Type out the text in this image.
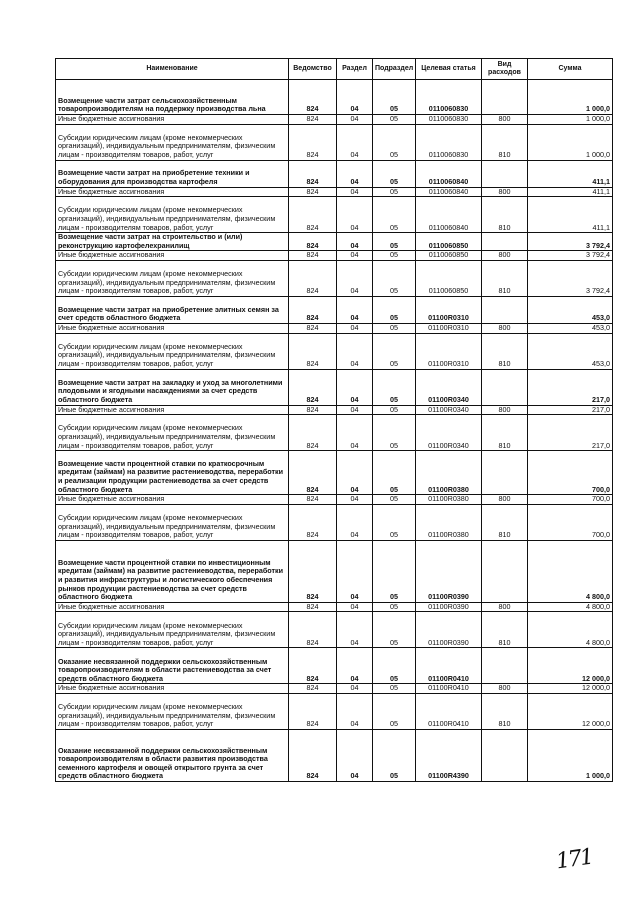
Наименование	Ведомство	Раздел	Подраздел	Целевая статья	Вид расходов	Сумма
Возмещение части затрат сельскохозяйственным товаропроизводителям на поддержку производства льна	824	04	05	0110060830		1 000,0
Иные бюджетные ассигнования	824	04	05	0110060830	800	1 000,0
Субсидии юридическим лицам (кроме некоммерческих организаций), индивидуальным предпринимателям, физическим лицам - производителям товаров, работ, услуг	824	04	05	0110060830	810	1 000,0
Возмещение части затрат на приобретение техники и оборудования для производства картофеля	824	04	05	0110060840		411,1
Иные бюджетные ассигнования	824	04	05	0110060840	800	411,1
Субсидии юридическим лицам (кроме некоммерческих организаций), индивидуальным предпринимателям, физическим лицам - производителям товаров, работ, услуг	824	04	05	0110060840	810	411,1
Возмещение части затрат на строительство и (или) реконструкцию картофелехранилищ	824	04	05	0110060850		3 792,4
Иные бюджетные ассигнования	824	04	05	0110060850	800	3 792,4
Субсидии юридическим лицам (кроме некоммерческих организаций), индивидуальным предпринимателям, физическим лицам - производителям товаров, работ, услуг	824	04	05	0110060850	810	3 792,4
Возмещение части затрат на приобретение элитных семян за счет средств областного бюджета	824	04	05	01100R0310		453,0
Иные бюджетные ассигнования	824	04	05	01100R0310	800	453,0
Субсидии юридическим лицам (кроме некоммерческих организаций), индивидуальным предпринимателям, физическим лицам - производителям товаров, работ, услуг	824	04	05	01100R0310	810	453,0
Возмещение части затрат на закладку и уход за многолетними плодовыми и ягодными насаждениями за счет средств областного бюджета	824	04	05	01100R0340		217,0
Иные бюджетные ассигнования	824	04	05	01100R0340	800	217,0
Субсидии юридическим лицам (кроме некоммерческих организаций), индивидуальным предпринимателям, физическим лицам - производителям товаров, работ, услуг	824	04	05	01100R0340	810	217,0
Возмещение части процентной ставки по краткосрочным кредитам (займам) на развитие растениеводства, переработки и реализации продукции растениеводства за счет средств областного бюджета	824	04	05	01100R0380		700,0
Иные бюджетные ассигнования	824	04	05	01100R0380	800	700,0
Субсидии юридическим лицам (кроме некоммерческих организаций), индивидуальным предпринимателям, физическим лицам - производителям товаров, работ, услуг	824	04	05	01100R0380	810	700,0
Возмещение части процентной ставки по инвестиционным кредитам (займам) на развитие растениеводства, переработки и развития инфраструктуры и логистического обеспечения рынков продукции растениеводства за счет средств областного бюджета	824	04	05	01100R0390		4 800,0
Иные бюджетные ассигнования	824	04	05	01100R0390	800	4 800,0
Субсидии юридическим лицам (кроме некоммерческих организаций), индивидуальным предпринимателям, физическим лицам - производителям товаров, работ, услуг	824	04	05	01100R0390	810	4 800,0
Оказание несвязанной поддержки сельскохозяйственным товаропроизводителям в области растениеводства за счет средств областного бюджета	824	04	05	01100R0410		12 000,0
Иные бюджетные ассигнования	824	04	05	01100R0410	800	12 000,0
Субсидии юридическим лицам (кроме некоммерческих организаций), индивидуальным предпринимателям, физическим лицам - производителям товаров, работ, услуг	824	04	05	01100R0410	810	12 000,0
Оказание несвязанной поддержки сельскохозяйственным товаропроизводителям в области развития производства семенного картофеля и овощей открытого грунта за счет средств областного бюджета	824	04	05	01100R4390		1 000,0
171
